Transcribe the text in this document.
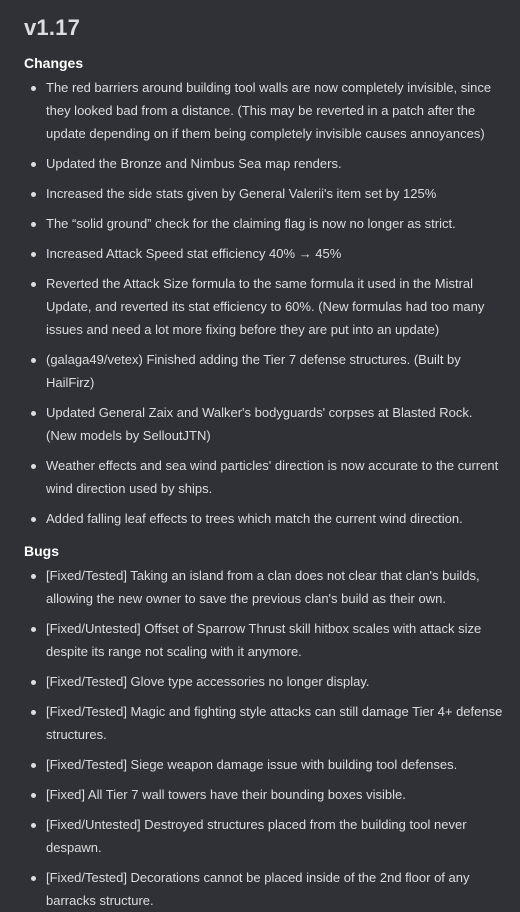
v1.17
Changes
The red barriers around building tool walls are now completely invisible, since they looked bad from a distance. (This may be reverted in a patch after the update depending on if them being completely invisible causes annoyances)
Updated the Bronze and Nimbus Sea map renders.
Increased the side stats given by General Valerii's item set by 125%
The “solid ground” check for the claiming flag is now no longer as strict.
Increased Attack Speed stat efficiency 40% → 45%
Reverted the Attack Size formula to the same formula it used in the Mistral Update, and reverted its stat efficiency to 60%. (New formulas had too many issues and need a lot more fixing before they are put into an update)
(galaga49/vetex) Finished adding the Tier 7 defense structures. (Built by HailFirz)
Updated General Zaix and Walker's bodyguards' corpses at Blasted Rock. (New models by SelloutJTN)
Weather effects and sea wind particles' direction is now accurate to the current wind direction used by ships.
Added falling leaf effects to trees which match the current wind direction.
Bugs
[Fixed/Tested] Taking an island from a clan does not clear that clan's builds, allowing the new owner to save the previous clan's build as their own.
[Fixed/Untested] Offset of Sparrow Thrust skill hitbox scales with attack size despite its range not scaling with it anymore.
[Fixed/Tested] Glove type accessories no longer display.
[Fixed/Tested] Magic and fighting style attacks can still damage Tier 4+ defense structures.
[Fixed/Tested] Siege weapon damage issue with building tool defenses.
[Fixed] All Tier 7 wall towers have their bounding boxes visible.
[Fixed/Untested] Destroyed structures placed from the building tool never despawn.
[Fixed/Tested] Decorations cannot be placed inside of the 2nd floor of any barracks structure.
